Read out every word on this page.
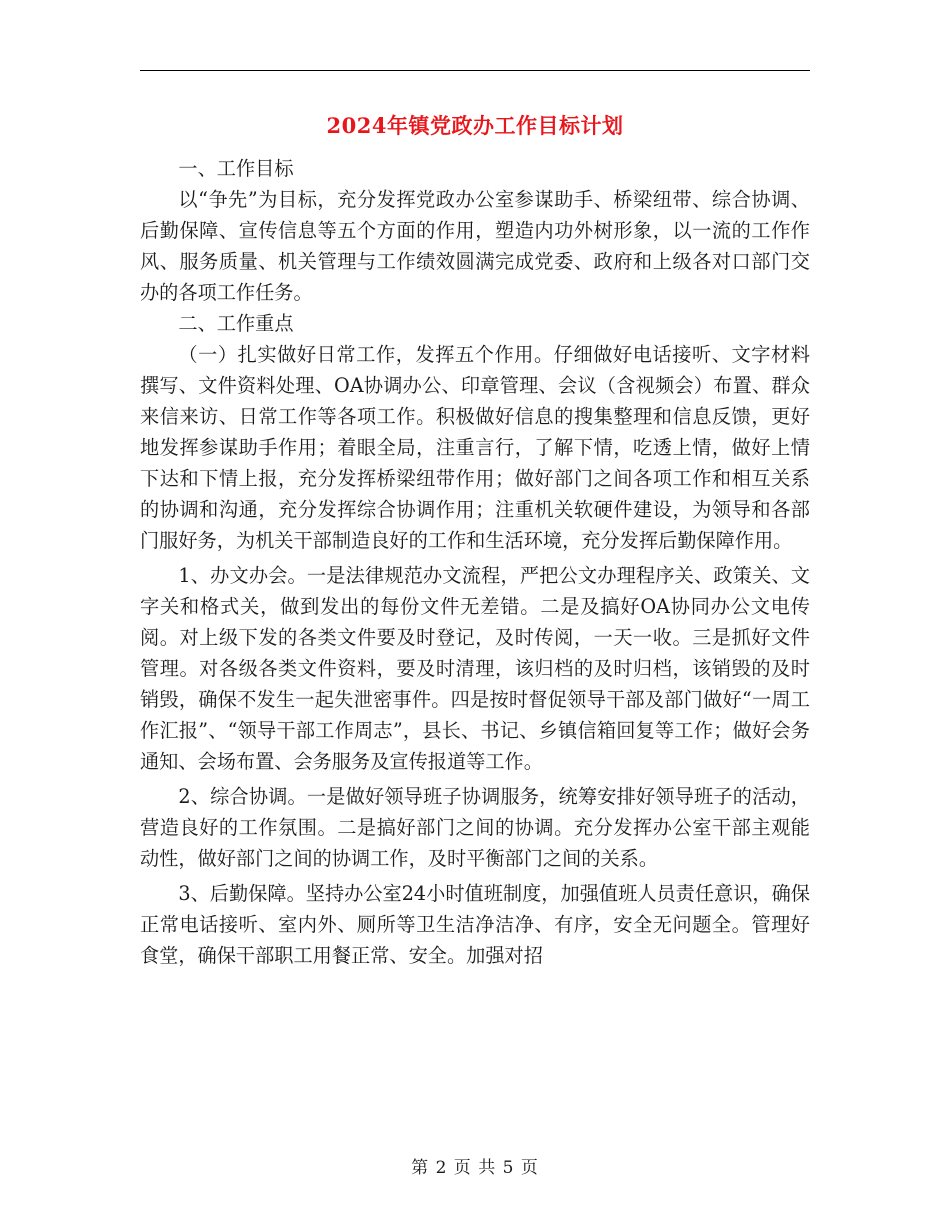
2024年镇党政办工作目标计划

一、工作目标

以“争先”为目标，充分发挥党政办公室参谋助手、桥梁纽带、综合协调、后勤保障、宣传信息等五个方面的作用，塑造内功外树形象，以一流的工作作风、服务质量、机关管理与工作绩效圆满完成党委、政府和上级各对口部门交办的各项工作任务。

二、工作重点

（一）扎实做好日常工作，发挥五个作用。仔细做好电话接听、文字材料撰写、文件资料处理、OA协调办公、印章管理、会议（含视频会）布置、群众来信来访、日常工作等各项工作。积极做好信息的搜集整理和信息反馈，更好地发挥参谋助手作用；着眼全局，注重言行，了解下情，吃透上情，做好上情下达和下情上报，充分发挥桥梁纽带作用；做好部门之间各项工作和相互关系的协调和沟通，充分发挥综合协调作用；注重机关软硬件建设，为领导和各部门服好务，为机关干部制造良好的工作和生活环境，充分发挥后勤保障作用。

1、办文办会。一是法律规范办文流程，严把公文办理程序关、政策关、文字关和格式关，做到发出的每份文件无差错。二是及搞好OA协同办公文电传阅。对上级下发的各类文件要及时登记，及时传阅，一天一收。三是抓好文件管理。对各级各类文件资料，要及时清理，该归档的及时归档，该销毁的及时销毁，确保不发生一起失泄密事件。四是按时督促领导干部及部门做好“一周工作汇报”、“领导干部工作周志”，县长、书记、乡镇信箱回复等工作；做好会务通知、会场布置、会务服务及宣传报道等工作。

2、综合协调。一是做好领导班子协调服务，统筹安排好领导班子的活动，营造良好的工作氛围。二是搞好部门之间的协调。充分发挥办公室干部主观能动性，做好部门之间的协调工作，及时平衡部门之间的关系。

3、后勤保障。坚持办公室24小时值班制度，加强值班人员责任意识，确保正常电话接听、室内外、厕所等卫生洁净洁净、有序，安全无问题全。管理好食堂，确保干部职工用餐正常、安全。加强对招

第 2 页 共 5 页
